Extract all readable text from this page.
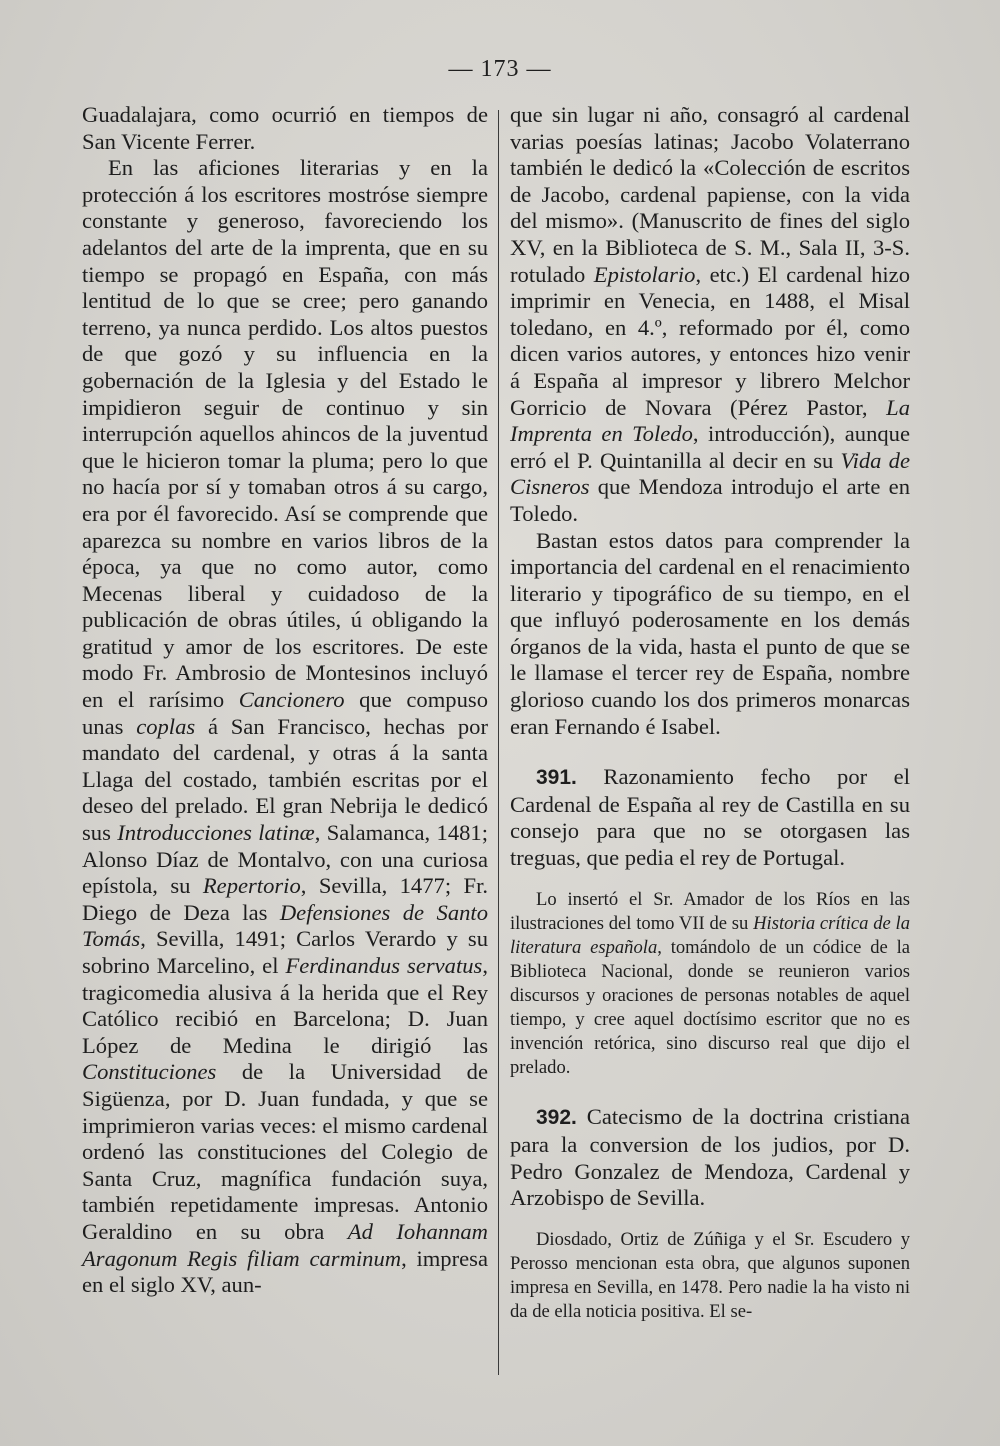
— 173 —

Guadalajara, como ocurrió en tiempos de San Vicente Ferrer.

En las aficiones literarias y en la protección á los escritores mostróse siempre constante y generoso, favoreciendo los adelantos del arte de la imprenta, que en su tiempo se propagó en España, con más lentitud de lo que se cree; pero ganando terreno, ya nunca perdido. Los altos puestos de que gozó y su influencia en la gobernación de la Iglesia y del Estado le impidieron seguir de continuo y sin interrupción aquellos ahincos de la juventud que le hicieron tomar la pluma; pero lo que no hacía por sí y tomaban otros á su cargo, era por él favorecido. Así se comprende que aparezca su nombre en varios libros de la época, ya que no como autor, como Mecenas liberal y cuidadoso de la publicación de obras útiles, ú obligando la gratitud y amor de los escritores. De este modo Fr. Ambrosio de Montesinos incluyó en el rarísimo Cancionero que compuso unas coplas á San Francisco, hechas por mandato del cardenal, y otras á la santa Llaga del costado, también escritas por el deseo del prelado. El gran Nebrija le dedicó sus Introducciones latinæ, Salamanca, 1481; Alonso Díaz de Montalvo, con una curiosa epístola, su Repertorio, Sevilla, 1477; Fr. Diego de Deza las Defensiones de Santo Tomás, Sevilla, 1491; Carlos Verardo y su sobrino Marcelino, el Ferdinandus servatus, tragicomedia alusiva á la herida que el Rey Católico recibió en Barcelona; D. Juan López de Medina le dirigió las Constituciones de la Universidad de Sigüenza, por D. Juan fundada, y que se imprimieron varias veces: el mismo cardenal ordenó las constituciones del Colegio de Santa Cruz, magnífica fundación suya, también repetidamente impresas. Antonio Geraldino en su obra Ad Iohannam Aragonum Regis filiam carminum, impresa en el siglo XV, aun-

que sin lugar ni año, consagró al cardenal varias poesías latinas; Jacobo Volaterrano también le dedicó la «Colección de escritos de Jacobo, cardenal papiense, con la vida del mismo». (Manuscrito de fines del siglo XV, en la Biblioteca de S. M., Sala II, 3-S. rotulado Epistolario, etc.) El cardenal hizo imprimir en Venecia, en 1488, el Misal toledano, en 4.º, reformado por él, como dicen varios autores, y entonces hizo venir á España al impresor y librero Melchor Gorricio de Novara (Pérez Pastor, La Imprenta en Toledo, introducción), aunque erró el P. Quintanilla al decir en su Vida de Cisneros que Mendoza introdujo el arte en Toledo.

Bastan estos datos para comprender la importancia del cardenal en el renacimiento literario y tipográfico de su tiempo, en el que influyó poderosamente en los demás órganos de la vida, hasta el punto de que se le llamase el tercer rey de España, nombre glorioso cuando los dos primeros monarcas eran Fernando é Isabel.

391. Razonamiento fecho por el Cardenal de España al rey de Castilla en su consejo para que no se otorgasen las treguas, que pedia el rey de Portugal.

Lo insertó el Sr. Amador de los Ríos en las ilustraciones del tomo VII de su Historia crítica de la literatura española, tomándolo de un códice de la Biblioteca Nacional, donde se reunieron varios discursos y oraciones de personas notables de aquel tiempo, y cree aquel doctísimo escritor que no es invención retórica, sino discurso real que dijo el prelado.

392. Catecismo de la doctrina cristiana para la conversion de los judios, por D. Pedro Gonzalez de Mendoza, Cardenal y Arzobispo de Sevilla.

Diosdado, Ortiz de Zúñiga y el Sr. Escudero y Perosso mencionan esta obra, que algunos suponen impresa en Sevilla, en 1478. Pero nadie la ha visto ni da de ella noticia positiva. El se-
